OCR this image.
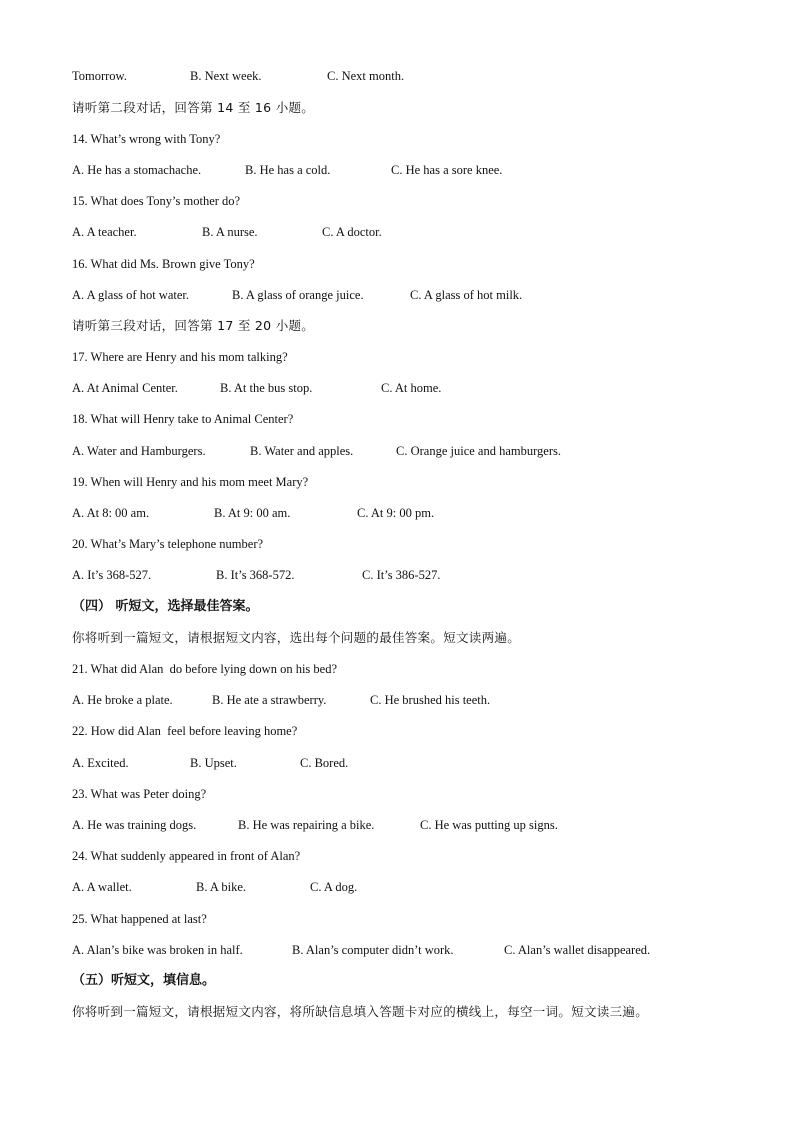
Tomorrow.	B. Next week.	C. Next month.
请听第二段对话，回答第 14 至 16 小题。
14. What’s wrong with Tony?
A. He has a stomachache.	B. He has a cold.	C. He has a sore knee.
15. What does Tony’s mother do?
A. A teacher.	B. A nurse.	C. A doctor.
16. What did Ms. Brown give Tony?
A. A glass of hot water.	B. A glass of orange juice.	C. A glass of hot milk.
请听第三段对话，回答第 17 至 20 小题。
17. Where are Henry and his mom talking?
A. At Animal Center.	B. At the bus stop.	C. At home.
18. What will Henry take to Animal Center?
A. Water and Hamburgers.	B. Water and apples.	C. Orange juice and hamburgers.
19. When will Henry and his mom meet Mary?
A. At 8: 00 am.	B. At 9: 00 am.	C. At 9: 00 pm.
20. What’s Mary’s telephone number?
A. It’s 368-527.	B. It’s 368-572.	C. It’s 386-527.
（四） 听短文，选择最佳答案。
你将听到一篇短文，请根据短文内容，选出每个问题的最佳答案。短文读两遍。
21. What did Alan  do before lying down on his bed?
A. He broke a plate.	B. He ate a strawberry.	C. He brushed his teeth.
22. How did Alan  feel before leaving home?
A. Excited.	B. Upset.	C. Bored.
23. What was Peter doing?
A. He was training dogs.	B. He was repairing a bike.	C. He was putting up signs.
24. What suddenly appeared in front of Alan?
A. A wallet.	B. A bike.	C. A dog.
25. What happened at last?
A. Alan’s bike was broken in half.	B. Alan’s computer didn’t work.	C. Alan’s wallet disappeared.
（五）听短文，填信息。
你将听到一篇短文，请根据短文内容，将所缺信息填入答题卡对应的横线上，每空一词。短文读三遍。
